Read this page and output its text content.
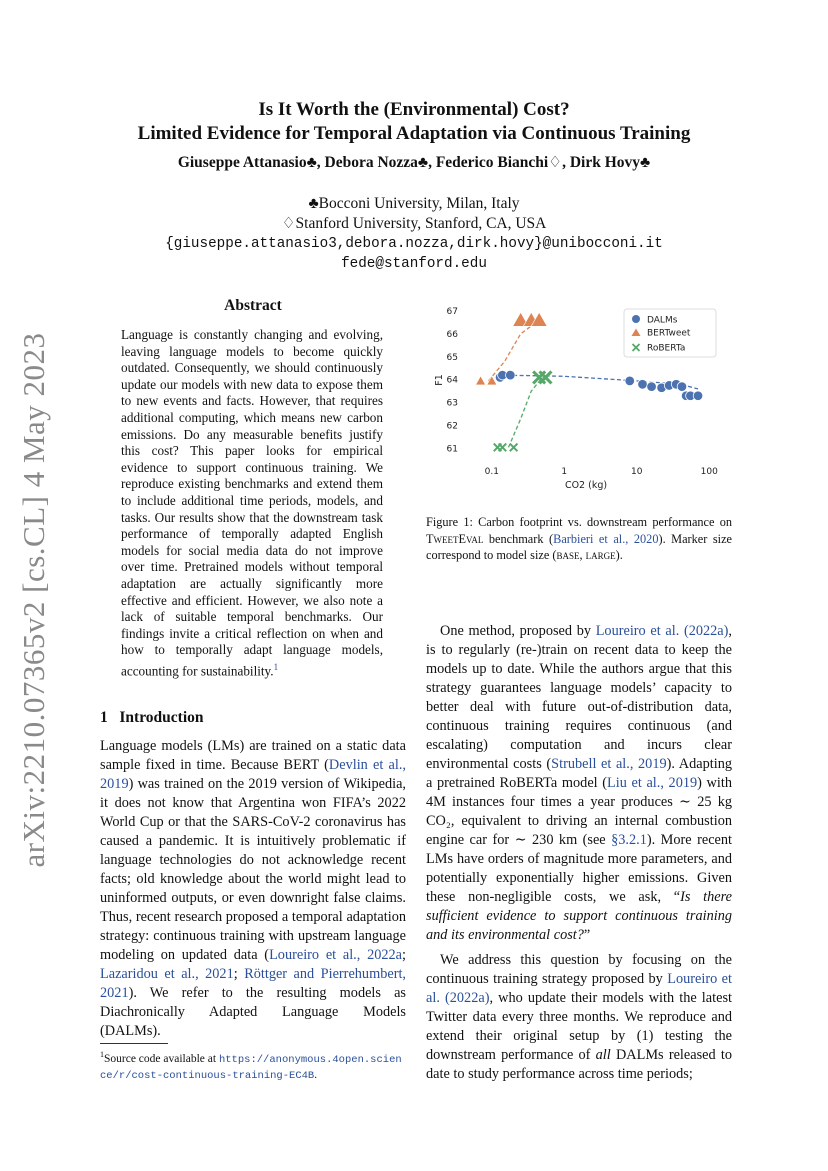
arXiv:2210.07365v2 [cs.CL] 4 May 2023
Is It Worth the (Environmental) Cost?
Limited Evidence for Temporal Adaptation via Continuous Training
Giuseppe Attanasio♣, Debora Nozza♣, Federico Bianchi♢, Dirk Hovy♣
♣Bocconi University, Milan, Italy
♢Stanford University, Stanford, CA, USA
{giuseppe.attanasio3,debora.nozza,dirk.hovy}@unibocconi.it
fede@stanford.edu
Abstract
Language is constantly changing and evolving, leaving language models to become quickly outdated. Consequently, we should continuously update our models with new data to expose them to new events and facts. However, that requires additional computing, which means new carbon emissions. Do any measurable benefits justify this cost? This paper looks for empirical evidence to support continuous training. We reproduce existing benchmarks and extend them to include additional time periods, models, and tasks. Our results show that the downstream task performance of temporally adapted English models for social media data do not improve over time. Pretrained models without temporal adaptation are actually significantly more effective and efficient. However, we also note a lack of suitable temporal benchmarks. Our findings invite a critical reflection on when and how to temporally adapt language models, accounting for sustainability.$^1$
1 Introduction

Language models (LMs) are trained on a static data sample fixed in time. Because BERT (Devlin et al., 2019) was trained on the 2019 version of Wikipedia, it does not know that Argentina won FIFA’s 2022 World Cup or that the SARS-CoV-2 coronavirus has caused a pandemic. It is intuitively problematic if language technologies do not acknowledge recent facts; old knowledge about the world might lead to uninformed outputs, or even downright false claims. Thus, recent research proposed a temporal adaptation strategy: continuous training with upstream language modeling on updated data (Loureiro et al., 2022a; Lazaridou et al., 2021; Röttger and Pierrehumbert, 2021). We refer to the resulting models as Diachronically Adapted Language Models (DALMs).

$^1$Source code available at https://anonymous.4open.science/r/cost-continuous-training-EC4B.
61
62
63
64
65
66
67
0.1	1	10	100
DALMs
BERTweet
RoBERTa
CO2 (kg)
F1
Figure 1: Carbon footprint vs. downstream performance on TweetEval benchmark (Barbieri et al., 2020). Marker size correspond to model size (base, large).

One method, proposed by Loureiro et al. (2022a), is to regularly (re-)train on recent data to keep the models up to date. While the authors argue that this strategy guarantees language models’ capacity to better deal with future out-of-distribution data, continuous training requires continuous (and escalating) computation and incurs clear environmental costs (Strubell et al., 2019). Adapting a pretrained RoBERTa model (Liu et al., 2019) with 4M instances four times a year produces ∼ 25 kg CO₂, equivalent to driving an internal combustion engine car for ∼ 230 km (see §3.2.1). More recent LMs have orders of magnitude more parameters, and potentially exponentially higher emissions. Given these non-negligible costs, we ask, “Is there sufficient evidence to support continuous training and its environmental cost?”

We address this question by focusing on the continuous training strategy proposed by Loureiro et al. (2022a), who update their models with the latest Twitter data every three months. We reproduce and extend their original setup by (1) testing the downstream performance of all DALMs released to date to study performance across time periods;
